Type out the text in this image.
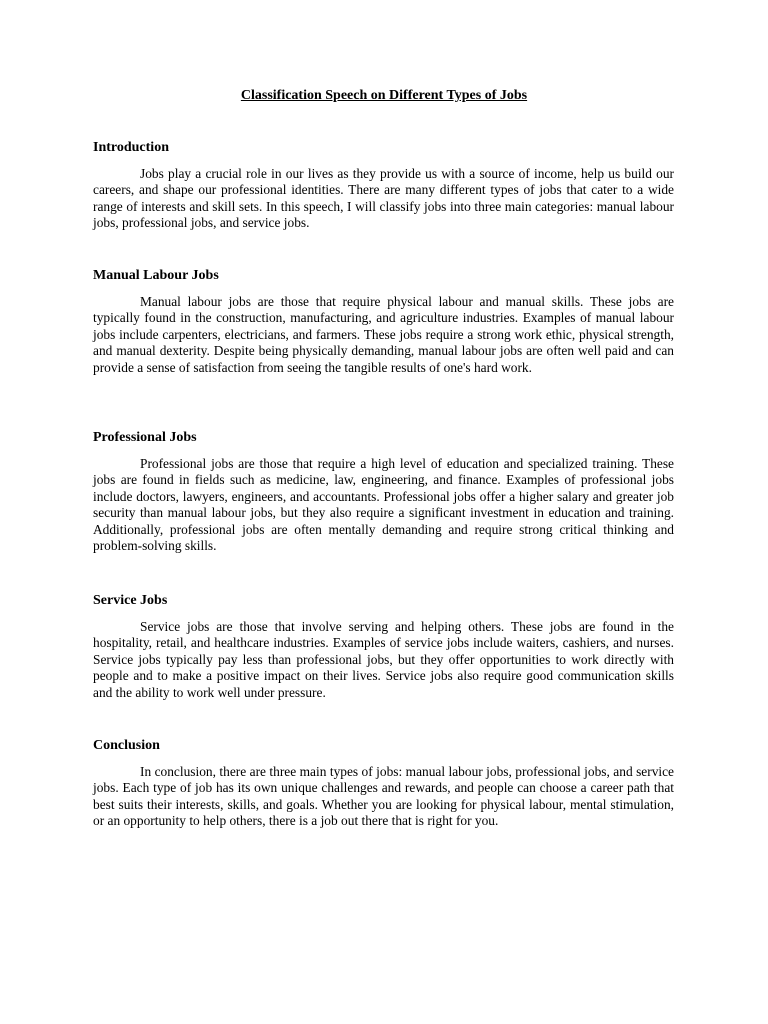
Classification Speech on Different Types of Jobs
Introduction

Jobs play a crucial role in our lives as they provide us with a source of income, help us build our careers, and shape our professional identities. There are many different types of jobs that cater to a wide range of interests and skill sets. In this speech, I will classify jobs into three main categories: manual labour jobs, professional jobs, and service jobs.

Manual Labour Jobs

Manual labour jobs are those that require physical labour and manual skills. These jobs are typically found in the construction, manufacturing, and agriculture industries. Examples of manual labour jobs include carpenters, electricians, and farmers. These jobs require a strong work ethic, physical strength, and manual dexterity. Despite being physically demanding, manual labour jobs are often well paid and can provide a sense of satisfaction from seeing the tangible results of one's hard work.

Professional Jobs

Professional jobs are those that require a high level of education and specialized training. These jobs are found in fields such as medicine, law, engineering, and finance. Examples of professional jobs include doctors, lawyers, engineers, and accountants. Professional jobs offer a higher salary and greater job security than manual labour jobs, but they also require a significant investment in education and training. Additionally, professional jobs are often mentally demanding and require strong critical thinking and problem-solving skills.

Service Jobs

Service jobs are those that involve serving and helping others. These jobs are found in the hospitality, retail, and healthcare industries. Examples of service jobs include waiters, cashiers, and nurses. Service jobs typically pay less than professional jobs, but they offer opportunities to work directly with people and to make a positive impact on their lives. Service jobs also require good communication skills and the ability to work well under pressure.

Conclusion

In conclusion, there are three main types of jobs: manual labour jobs, professional jobs, and service jobs. Each type of job has its own unique challenges and rewards, and people can choose a career path that best suits their interests, skills, and goals. Whether you are looking for physical labour, mental stimulation, or an opportunity to help others, there is a job out there that is right for you.
